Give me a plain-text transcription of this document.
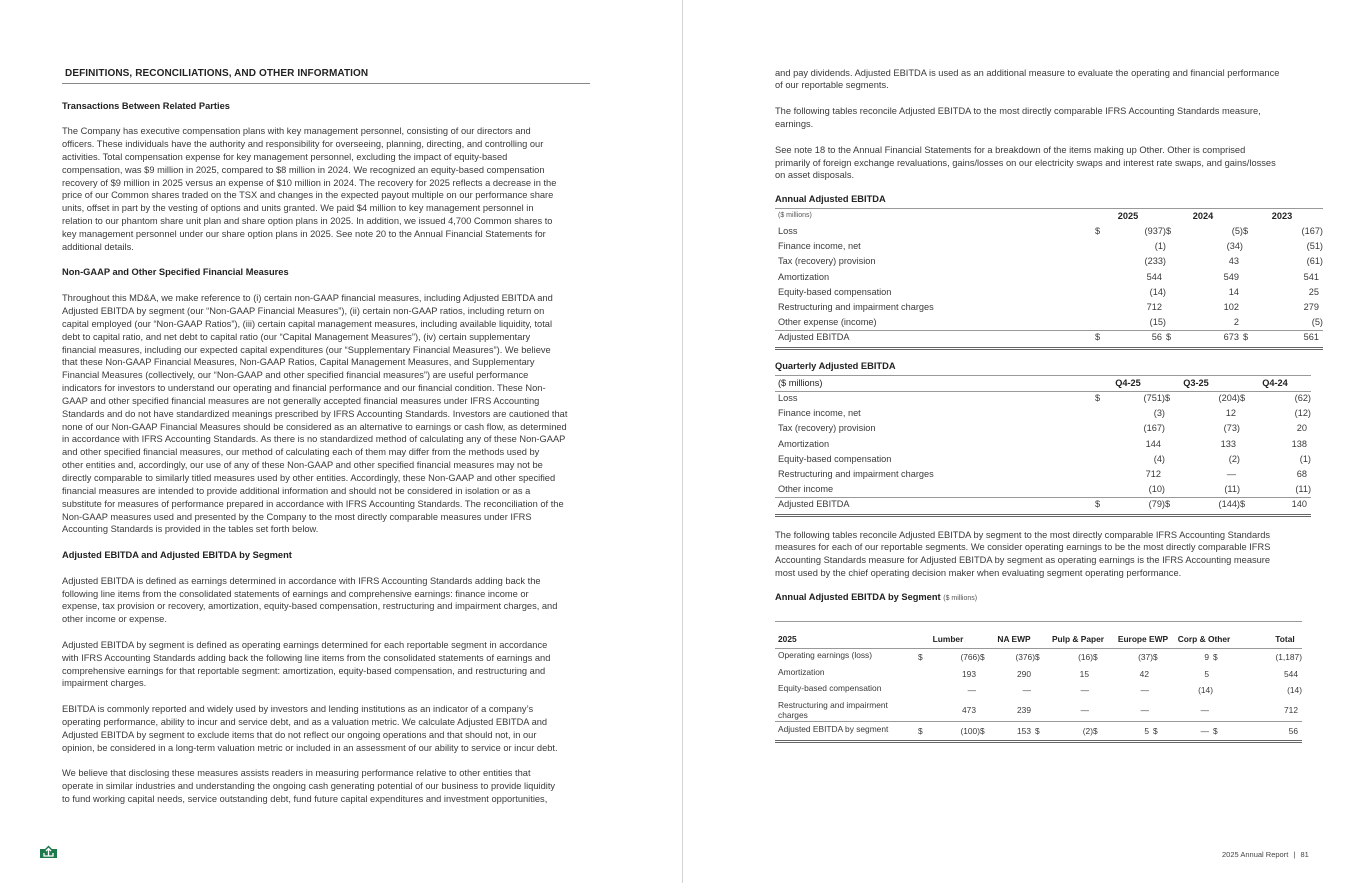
DEFINITIONS, RECONCILIATIONS, AND OTHER INFORMATION
Transactions Between Related Parties
The Company has executive compensation plans with key management personnel, consisting of our directors and
officers. These individuals have the authority and responsibility for overseeing, planning, directing, and controlling our
activities. Total compensation expense for key management personnel, excluding the impact of equity-based
compensation, was $9 million in 2025, compared to $8 million in 2024. We recognized an equity-based compensation
recovery of $9 million in 2025 versus an expense of $10 million in 2024. The recovery for 2025 reflects a decrease in the
price of our Common shares traded on the TSX and changes in the expected payout multiple on our performance share
units, offset in part by the vesting of options and units granted. We paid $4 million to key management personnel in
relation to our phantom share unit plan and share option plans in 2025. In addition, we issued 4,700 Common shares to
key management personnel under our share option plans in 2025. See note 20 to the Annual Financial Statements for
additional details.
Non-GAAP and Other Specified Financial Measures
Throughout this MD&A, we make reference to (i) certain non-GAAP financial measures, including Adjusted EBITDA and
Adjusted EBITDA by segment (our “Non-GAAP Financial Measures”), (ii) certain non-GAAP ratios, including return on
capital employed (our “Non-GAAP Ratios”), (iii) certain capital management measures, including available liquidity, total
debt to capital ratio, and net debt to capital ratio (our “Capital Management Measures”), (iv) certain supplementary
financial measures, including our expected capital expenditures (our “Supplementary Financial Measures”). We believe
that these Non-GAAP Financial Measures, Non-GAAP Ratios, Capital Management Measures, and Supplementary
Financial Measures (collectively, our “Non-GAAP and other specified financial measures”) are useful performance
indicators for investors to understand our operating and financial performance and our financial condition. These Non-
GAAP and other specified financial measures are not generally accepted financial measures under IFRS Accounting
Standards and do not have standardized meanings prescribed by IFRS Accounting Standards. Investors are cautioned that
none of our Non-GAAP Financial Measures should be considered as an alternative to earnings or cash flow, as determined
in accordance with IFRS Accounting Standards. As there is no standardized method of calculating any of these Non-GAAP
and other specified financial measures, our method of calculating each of them may differ from the methods used by
other entities and, accordingly, our use of any of these Non-GAAP and other specified financial measures may not be
directly comparable to similarly titled measures used by other entities. Accordingly, these Non-GAAP and other specified
financial measures are intended to provide additional information and should not be considered in isolation or as a
substitute for measures of performance prepared in accordance with IFRS Accounting Standards. The reconciliation of the
Non-GAAP measures used and presented by the Company to the most directly comparable measures under IFRS
Accounting Standards is provided in the tables set forth below.
Adjusted EBITDA and Adjusted EBITDA by Segment
Adjusted EBITDA is defined as earnings determined in accordance with IFRS Accounting Standards adding back the
following line items from the consolidated statements of earnings and comprehensive earnings: finance income or
expense, tax provision or recovery, amortization, equity-based compensation, restructuring and impairment charges, and
other income or expense.
Adjusted EBITDA by segment is defined as operating earnings determined for each reportable segment in accordance
with IFRS Accounting Standards adding back the following line items from the consolidated statements of earnings and
comprehensive earnings for that reportable segment: amortization, equity-based compensation, and restructuring and
impairment charges.
EBITDA is commonly reported and widely used by investors and lending institutions as an indicator of a company’s
operating performance, ability to incur and service debt, and as a valuation metric. We calculate Adjusted EBITDA and
Adjusted EBITDA by segment to exclude items that do not reflect our ongoing operations and that should not, in our
opinion, be considered in a long-term valuation metric or included in an assessment of our ability to service or incur debt.
We believe that disclosing these measures assists readers in measuring performance relative to other entities that
operate in similar industries and understanding the ongoing cash generating potential of our business to provide liquidity
to fund working capital needs, service outstanding debt, fund future capital expenditures and investment opportunities,
and pay dividends. Adjusted EBITDA is used as an additional measure to evaluate the operating and financial performance
of our reportable segments.
The following tables reconcile Adjusted EBITDA to the most directly comparable IFRS Accounting Standards measure,
earnings.
See note 18 to the Annual Financial Statements for a breakdown of the items making up Other. Other is comprised
primarily of foreign exchange revaluations, gains/losses on our electricity swaps and interest rate swaps, and gains/losses
on asset disposals.
Annual Adjusted EBITDA
($ millions)	2025	2024	2023
Loss	$	(937) $	(5) $	(167)
Finance income, net	(1)	(34)	(51)
Tax (recovery) provision	(233)	43	(61)
Amortization	544	549	541
Equity-based compensation	(14)	14	25
Restructuring and impairment charges	712	102	279
Other expense (income)	(15)	2	(5)
Adjusted EBITDA	$	56 $	673 $	561
Quarterly Adjusted EBITDA
($ millions)	Q4-25	Q3-25	Q4-24
Loss	$	(751) $	(204) $	(62)
Finance income, net	(3)	12	(12)
Tax (recovery) provision	(167)	(73)	20
Amortization	144	133	138
Equity-based compensation	(4)	(2)	(1)
Restructuring and impairment charges	712	—	68
Other income	(10)	(11)	(11)
Adjusted EBITDA	$	(79) $	(144) $	140
The following tables reconcile Adjusted EBITDA by segment to the most directly comparable IFRS Accounting Standards
measures for each of our reportable segments. We consider operating earnings to be the most directly comparable IFRS
Accounting Standards measure for Adjusted EBITDA by segment as operating earnings is the IFRS Accounting measure
most used by the chief operating decision maker when evaluating segment operating performance.
Annual Adjusted EBITDA by Segment ($ millions)
2025	Lumber	NA EWP	Pulp & Paper	Europe EWP	Corp & Other	Total
Operating earnings (loss)	$	(766) $	(376) $	(16) $	(37) $	9 $	(1,187)
Amortization	193	290	15	42	5	544
Equity-based compensation	—	—	—	—	(14)	(14)
Restructuring and impairment charges	473	239	—	—	—	712
Adjusted EBITDA by segment	$	(100) $	153 $	(2) $	5 $	— $	56
2025 Annual Report | 81
